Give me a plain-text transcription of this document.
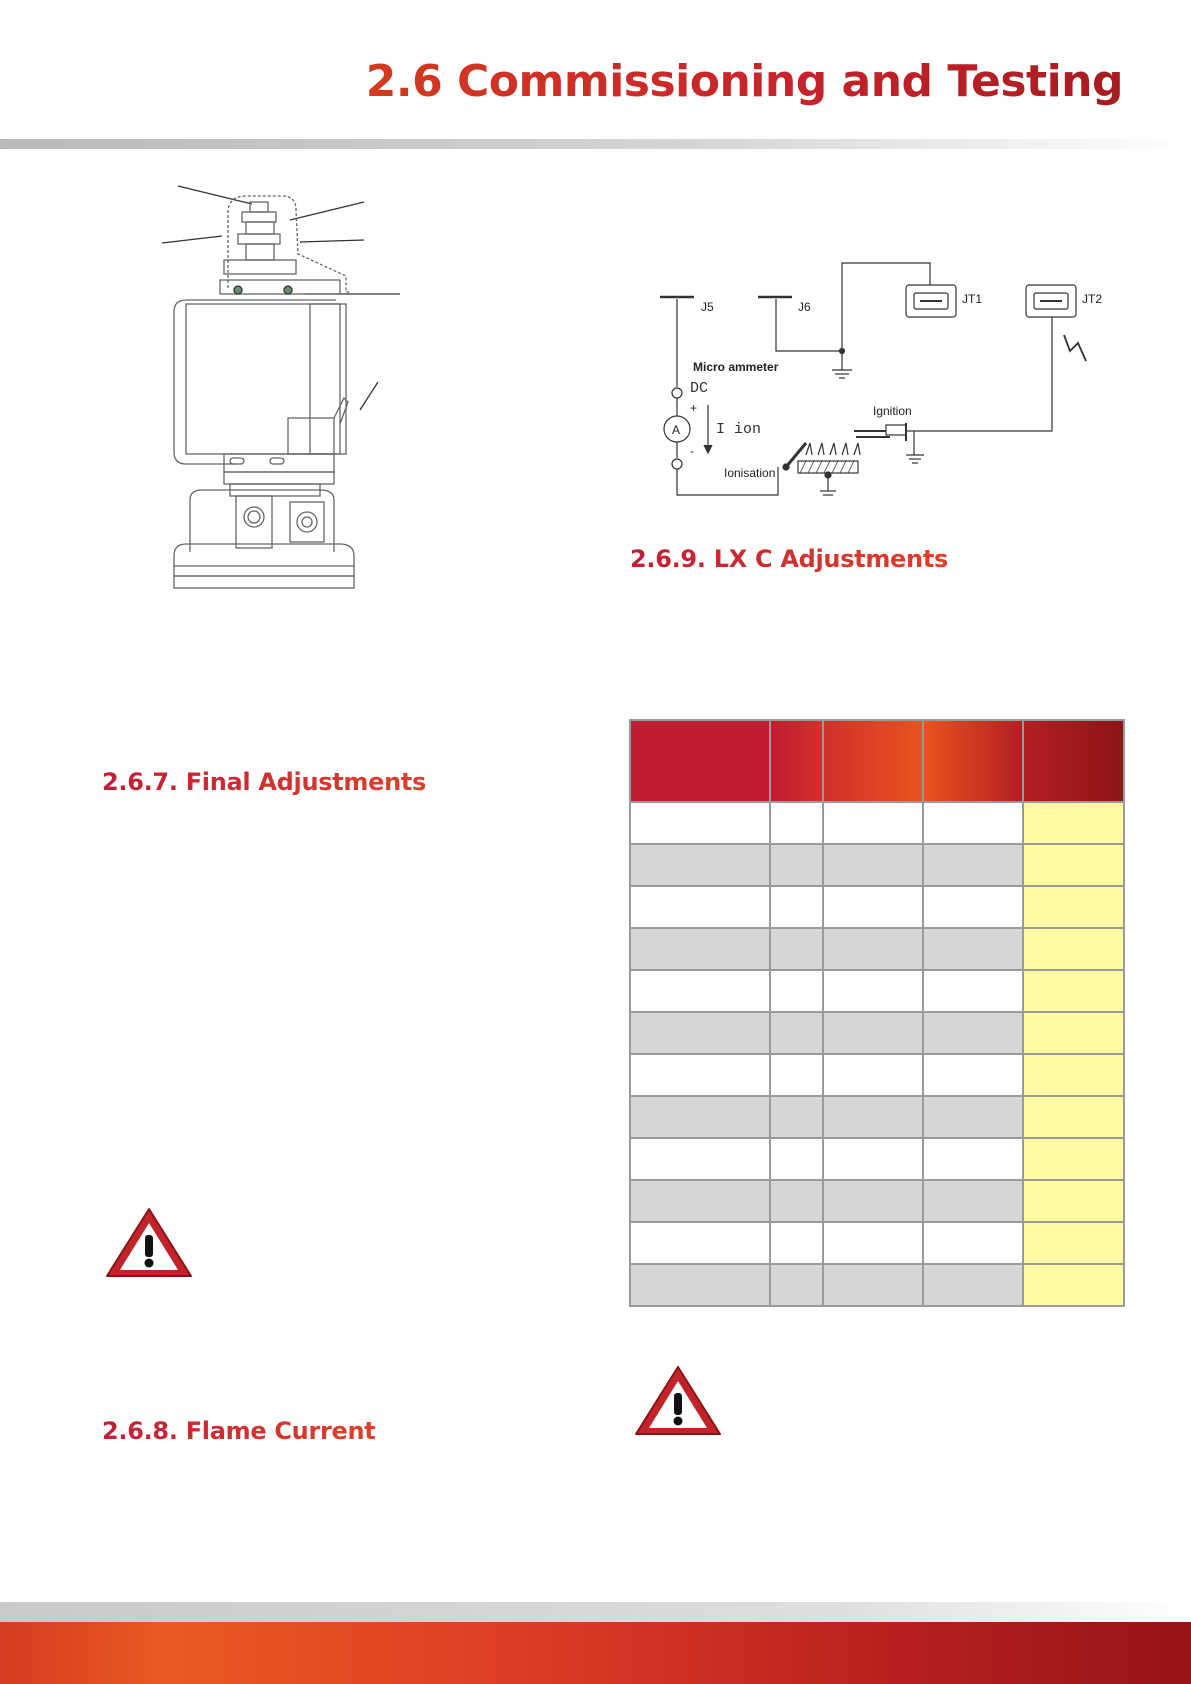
2.6 Commissioning and Testing
J5	J6
JT1	JT2
A
Micro ammeter
DC
+
-
I ion
Ionisation
Ignition
2.6.9. LX C Adjustments
2.6.7. Final Adjustments
2.6.8. Flame Current
